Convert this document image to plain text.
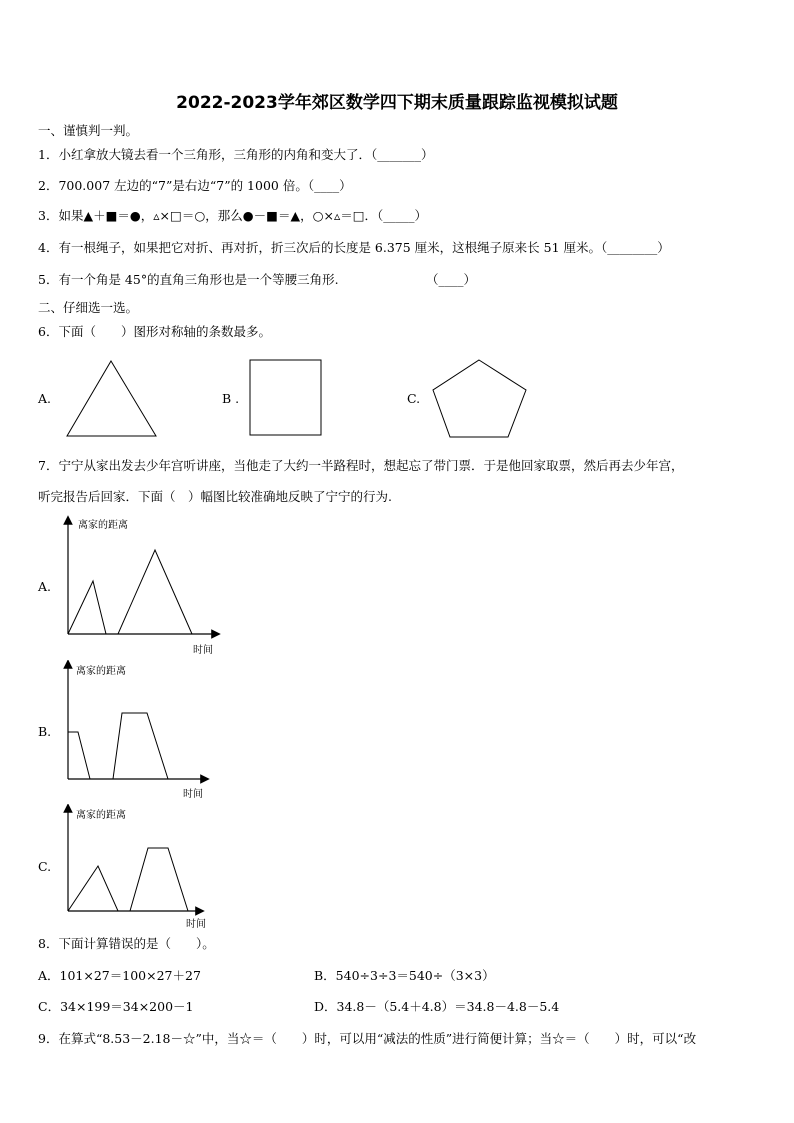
2022-2023学年郊区数学四下期末质量跟踪监视模拟试题
一、谨慎判一判。
1．小红拿放大镜去看一个三角形，三角形的内角和变大了．（_______）
2．700.007 左边的“7”是右边“7”的 1000 倍。（____）
3．如果▲＋■＝●，▵×□＝○，那么●－■＝▲，○×▵＝□．（_____）
4．有一根绳子，如果把它对折、再对折，折三次后的长度是 6.375 厘米，这根绳子原来长 51 厘米。（________）
5．有一个角是 45°的直角三角形也是一个等腰三角形.	（____）
二、仔细选一选。
6．下面（　　）图形对称轴的条数最多。
A.	B .	C.
7．宁宁从家出发去少年宫听讲座，当他走了大约一半路程时，想起忘了带门票．于是他回家取票，然后再去少年宫，
听完报告后回家．下面（　）幅图比较准确地反映了宁宁的行为.
A.
离家的距离
时间
B.
离家的距离
时间
C.
离家的距离
时间
8．下面计算错误的是（　　）。
A．101×27＝100×27＋27	B．540÷3÷3＝540÷（3×3）
C．34×199＝34×200－1	D．34.8－（5.4＋4.8）＝34.8－4.8－5.4
9．在算式“8.53－2.18－☆”中，当☆＝（　　）时，可以用“减法的性质”进行简便计算；当☆＝（　　）时，可以“改
